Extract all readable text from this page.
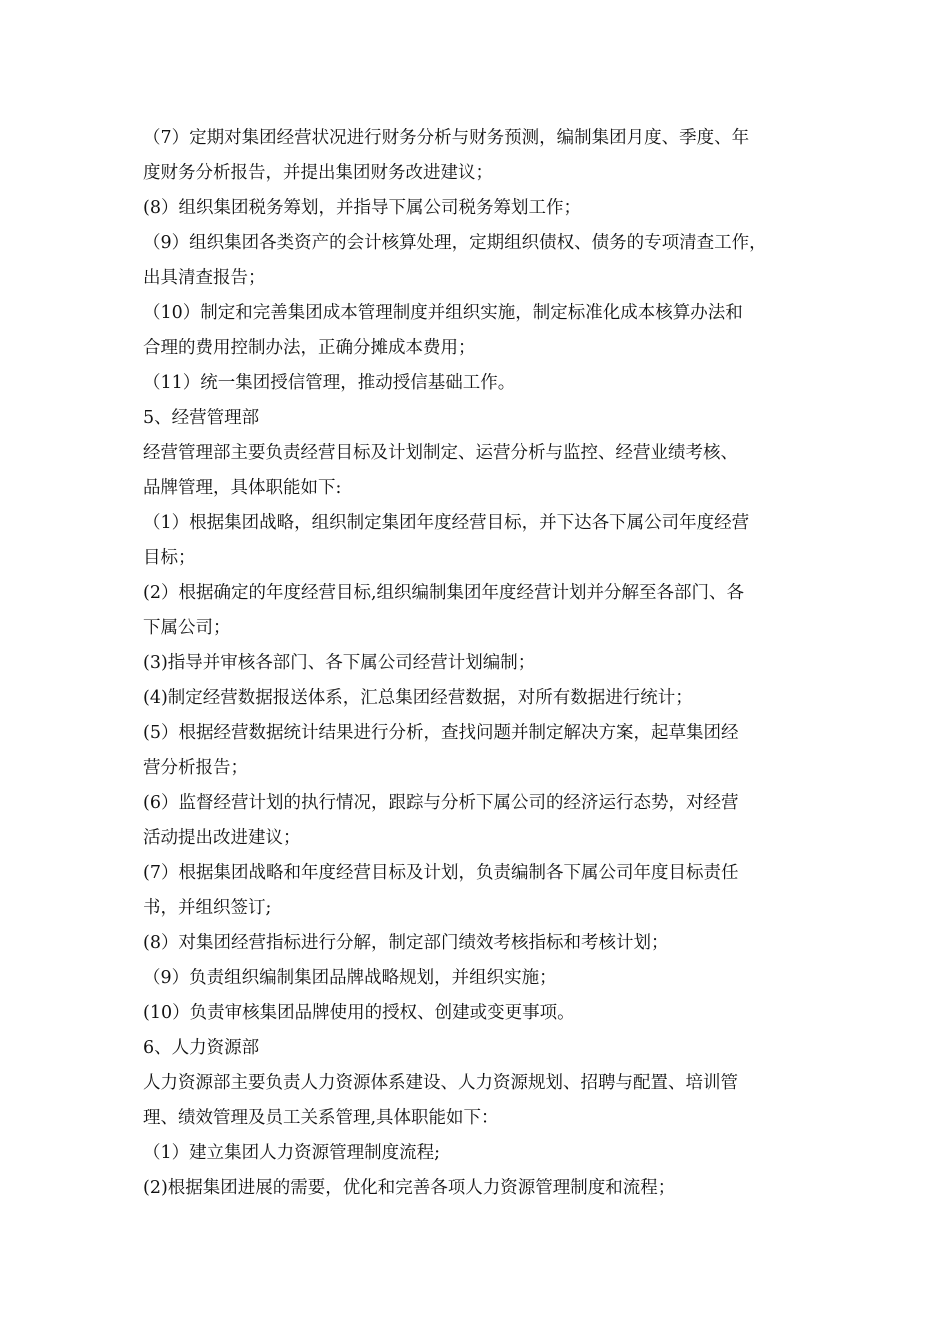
（7）定期对集团经营状况进行财务分析与财务预测，编制集团月度、季度、年
度财务分析报告，并提出集团财务改进建议；
(8）组织集团税务筹划，并指导下属公司税务筹划工作；
（9）组织集团各类资产的会计核算处理，定期组织债权、债务的专项清查工作，
出具清查报告；
（10）制定和完善集团成本管理制度并组织实施，制定标准化成本核算办法和
合理的费用控制办法，正确分摊成本费用；
（11）统一集团授信管理，推动授信基础工作。
5、经营管理部
经营管理部主要负责经营目标及计划制定、运营分析与监控、经营业绩考核、
品牌管理，具体职能如下:
（1）根据集团战略，组织制定集团年度经营目标，并下达各下属公司年度经营
目标；
(2）根据确定的年度经营目标,组织编制集团年度经营计划并分解至各部门、各
下属公司；
(3)指导并审核各部门、各下属公司经营计划编制；
(4)制定经营数据报送体系，汇总集团经营数据，对所有数据进行统计；
(5）根据经营数据统计结果进行分析，查找问题并制定解决方案，起草集团经
营分析报告；
(6）监督经营计划的执行情况，跟踪与分析下属公司的经济运行态势，对经营
活动提出改进建议；
(7）根据集团战略和年度经营目标及计划，负责编制各下属公司年度目标责任
书，并组织签订;
(8）对集团经营指标进行分解，制定部门绩效考核指标和考核计划；
（9）负责组织编制集团品牌战略规划，并组织实施；
(10）负责审核集团品牌使用的授权、创建或变更事项。
6、人力资源部
人力资源部主要负责人力资源体系建设、人力资源规划、招聘与配置、培训管
理、绩效管理及员工关系管理,具体职能如下：
（1）建立集团人力资源管理制度流程;
(2)根据集团进展的需要，优化和完善各项人力资源管理制度和流程；
